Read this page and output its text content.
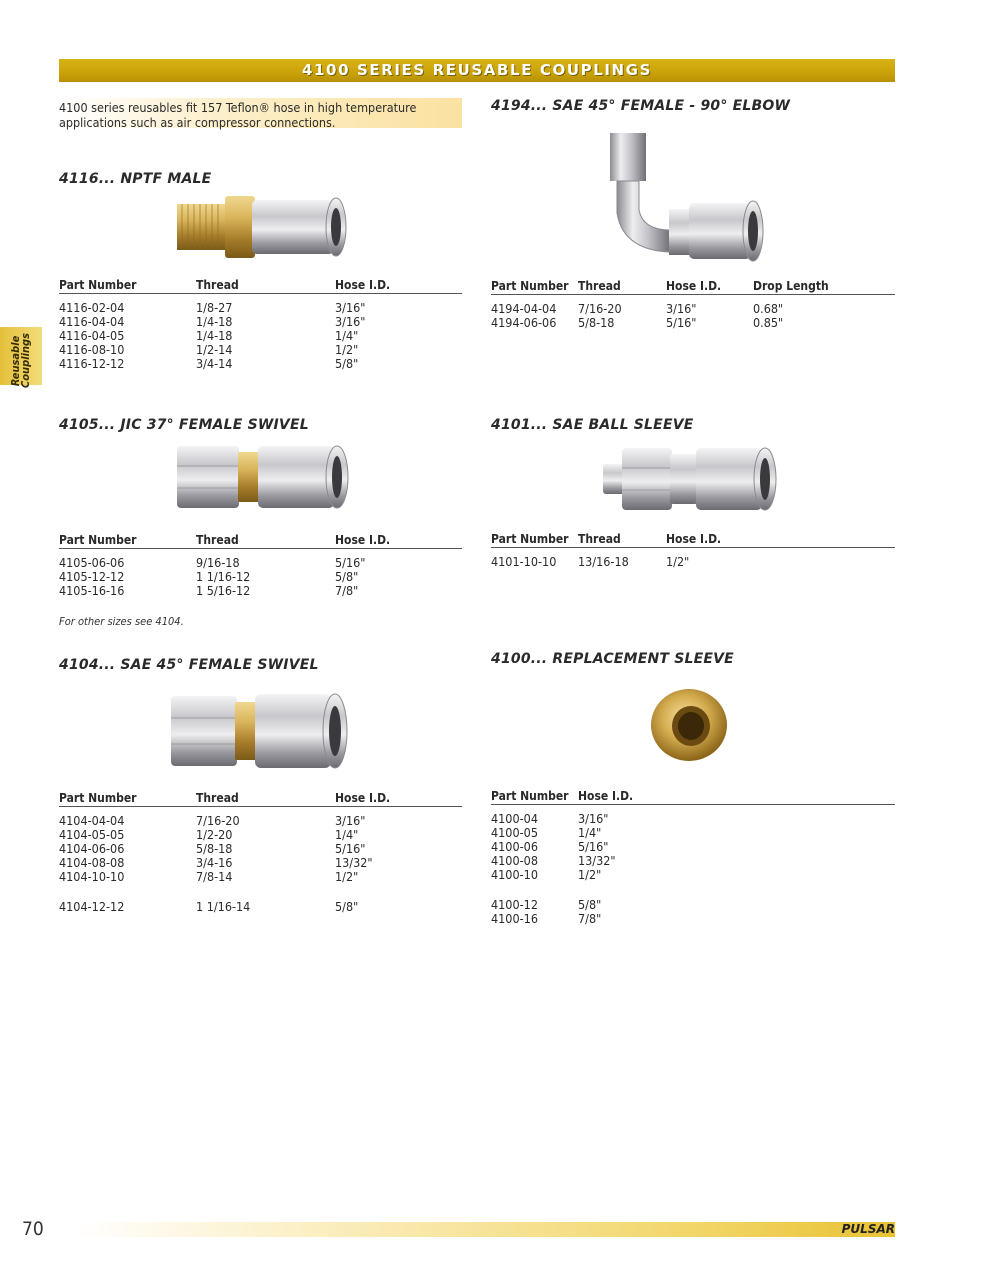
4100 SERIES REUSABLE COUPLINGS
4100 series reusables fit 157 Teflon® hose in high temperature
applications such as air compressor connections.
Reusable
Couplings
4116... NPTF MALE
Part Number	Thread	Hose I.D.
4116-02-04	1/8-27	3/16"
4116-04-04	1/4-18	3/16"
4116-04-05	1/4-18	1/4"
4116-08-10	1/2-14	1/2"
4116-12-12	3/4-14	5/8"
4194... SAE 45° FEMALE - 90° ELBOW
Part Number Thread	Hose I.D.	Drop Length
4194-04-04 7/16-20	3/16"	0.68"
4194-06-06 5/8-18	5/16"	0.85"
4105... JIC 37° FEMALE SWIVEL
Part Number	Thread	Hose I.D.
4105-06-06	9/16-18	5/16"
4105-12-12	1 1/16-12	5/8"
4105-16-16	1 5/16-12	7/8"
For other sizes see 4104.
4101... SAE BALL SLEEVE
Part Number Thread	Hose I.D.
4101-10-10 13/16-18	1/2"
4104... SAE 45° FEMALE SWIVEL
Part Number	Thread	Hose I.D.
4104-04-04	7/16-20	3/16"
4104-05-05	1/2-20	1/4"
4104-06-06	5/8-18	5/16"
4104-08-08	3/4-16	13/32"
4104-10-10	7/8-14	1/2"
4104-12-12	1 1/16-14	5/8"
4100... REPLACEMENT SLEEVE
Part Number Hose I.D.
4100-04	3/16"
4100-05	1/4"
4100-06	5/16"
4100-08	13/32"
4100-10	1/2"
4100-12	5/8"
4100-16	7/8"
70	PULSAR
